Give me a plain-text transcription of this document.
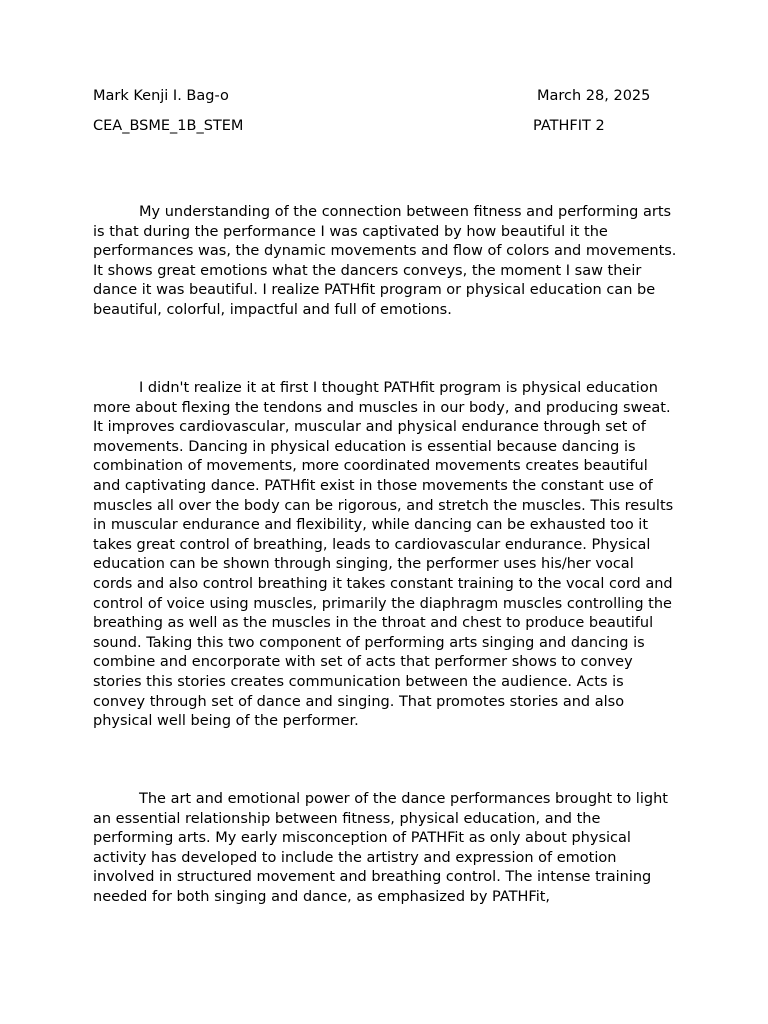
Mark Kenji I. Bag-o	March 28, 2025
CEA_BSME_1B_STEM	PATHFIT 2

My understanding of the connection between fitness and performing arts is that during the performance I was captivated by how beautiful it the performances was, the dynamic movements and flow of colors and movements. It shows great emotions what the dancers conveys, the moment I saw their dance it was beautiful. I realize PATHfit program or physical education can be beautiful, colorful, impactful and full of emotions.

I didn't realize it at first I thought PATHfit program is physical education more about flexing the tendons and muscles in our body, and producing sweat. It improves cardiovascular, muscular and physical endurance through set of movements. Dancing in physical education is essential because dancing is combination of movements, more coordinated movements creates beautiful and captivating dance. PATHfit exist in those movements the constant use of muscles all over the body can be rigorous, and stretch the muscles. This results in muscular endurance and flexibility, while dancing can be exhausted too it takes great control of breathing, leads to cardiovascular endurance. Physical education can be shown through singing, the performer uses his/her vocal cords and also control breathing it takes constant training to the vocal cord and control of voice using muscles, primarily the diaphragm muscles controlling the breathing as well as the muscles in the throat and chest to produce beautiful sound. Taking this two component of performing arts singing and dancing is combine and encorporate with set of acts that performer shows to convey stories this stories creates communication between the audience. Acts is convey through set of dance and singing. That promotes stories and also physical well being of the performer.

The art and emotional power of the dance performances brought to light an essential relationship between fitness, physical education, and the performing arts. My early misconception of PATHFit as only about physical activity has developed to include the artistry and expression of emotion involved in structured movement and breathing control. The intense training needed for both singing and dance, as emphasized by PATHFit,
